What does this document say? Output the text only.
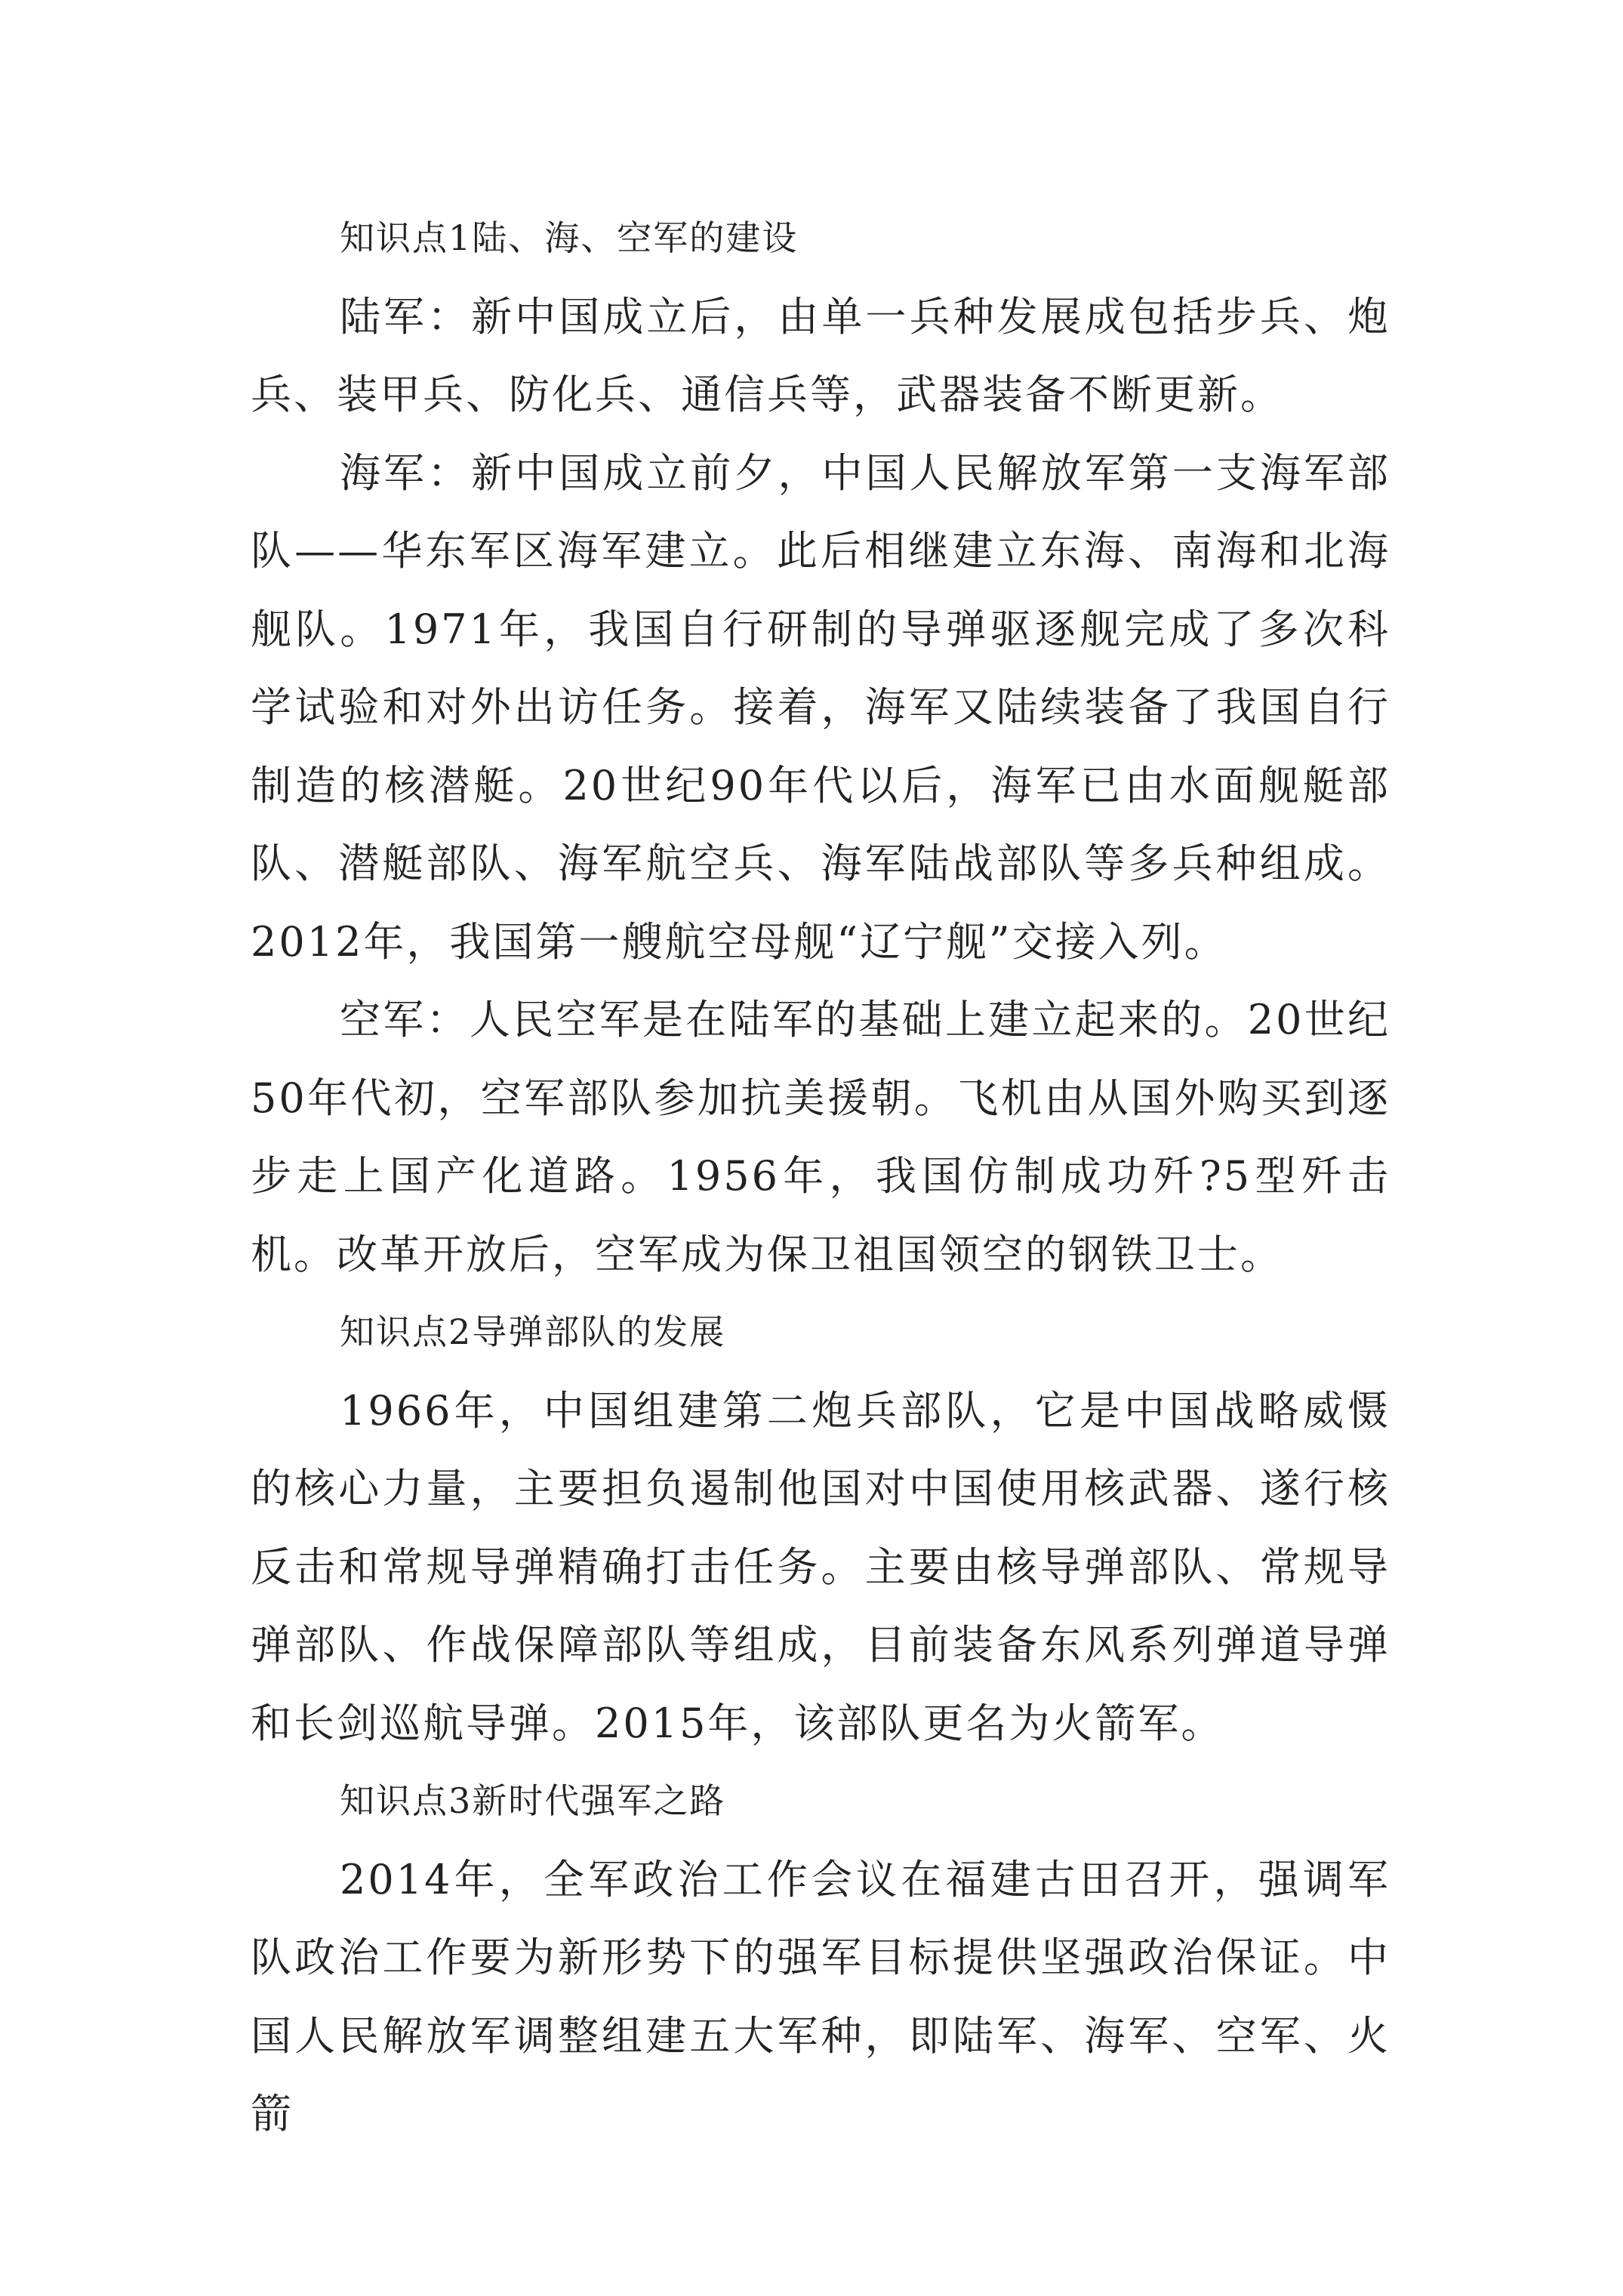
知识点1陆、海、空军的建设

陆军：新中国成立后，由单一兵种发展成包括步兵、炮兵、装甲兵、防化兵、通信兵等，武器装备不断更新。

海军：新中国成立前夕，中国人民解放军第一支海军部队——华东军区海军建立。此后相继建立东海、南海和北海舰队。1971年，我国自行研制的导弹驱逐舰完成了多次科学试验和对外出访任务。接着，海军又陆续装备了我国自行制造的核潜艇。20世纪90年代以后，海军已由水面舰艇部队、潜艇部队、海军航空兵、海军陆战部队等多兵种组成。2012年，我国第一艘航空母舰“辽宁舰”交接入列。

空军：人民空军是在陆军的基础上建立起来的。20世纪50年代初，空军部队参加抗美援朝。飞机由从国外购买到逐步走上国产化道路。1956年，我国仿制成功歼?5型歼击机。改革开放后，空军成为保卫祖国领空的钢铁卫士。

知识点2导弹部队的发展

1966年，中国组建第二炮兵部队，它是中国战略威慑的核心力量，主要担负遏制他国对中国使用核武器、遂行核反击和常规导弹精确打击任务。主要由核导弹部队、常规导弹部队、作战保障部队等组成，目前装备东风系列弹道导弹和长剑巡航导弹。2015年，该部队更名为火箭军。

知识点3新时代强军之路

2014年，全军政治工作会议在福建古田召开，强调军队政治工作要为新形势下的强军目标提供坚强政治保证。中国人民解放军调整组建五大军种，即陆军、海军、空军、火箭
